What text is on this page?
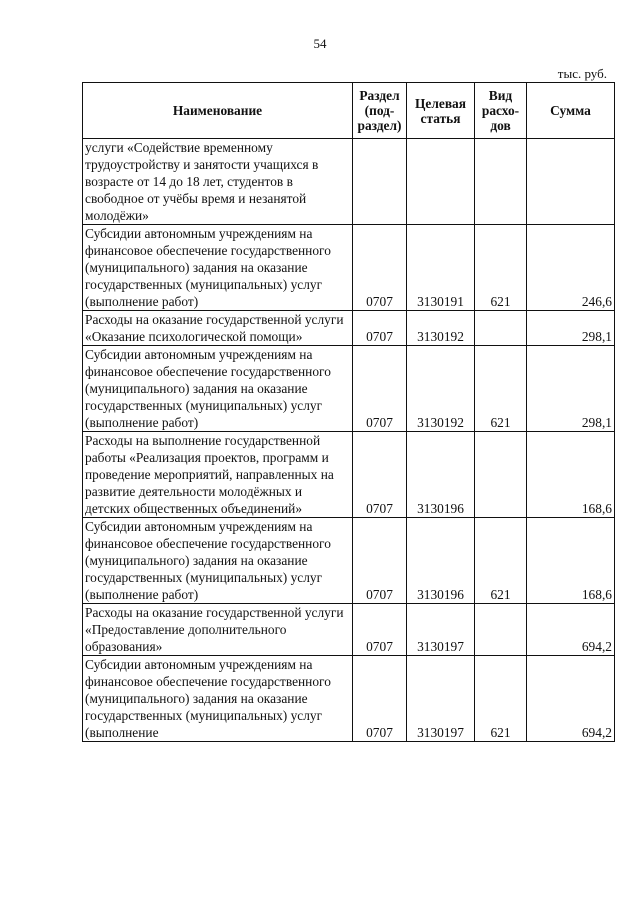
54
тыс. руб.
Наименование	Раздел (под-раздел)	Целевая статья	Вид расхо-дов	Сумма
услуги «Содействие временному трудоустройству и занятости учащихся в возрасте от 14 до 18 лет, студентов в свободное от учёбы время и незанятой молодёжи»				
Субсидии автономным учреждениям на финансовое обеспечение государственного (муниципального) задания на оказание государственных (муниципальных) услуг (выполнение работ)	0707	3130191	621	246,6
Расходы на оказание государственной услуги «Оказание психологической помощи»	0707	3130192		298,1
Субсидии автономным учреждениям на финансовое обеспечение государственного (муниципального) задания на оказание государственных (муниципальных) услуг (выполнение работ)	0707	3130192	621	298,1
Расходы на выполнение государственной работы «Реализация проектов, программ и проведение мероприятий, направленных на развитие деятельности молодёжных и детских общественных объединений»	0707	3130196		168,6
Субсидии автономным учреждениям на финансовое обеспечение государственного (муниципального) задания на оказание государственных (муниципальных) услуг (выполнение работ)	0707	3130196	621	168,6
Расходы на оказание государственной услуги «Предоставление дополнительного образования»	0707	3130197		694,2
Субсидии автономным учреждениям на финансовое обеспечение государственного (муниципального) задания на оказание государственных (муниципальных) услуг (выполнение	0707	3130197	621	694,2
